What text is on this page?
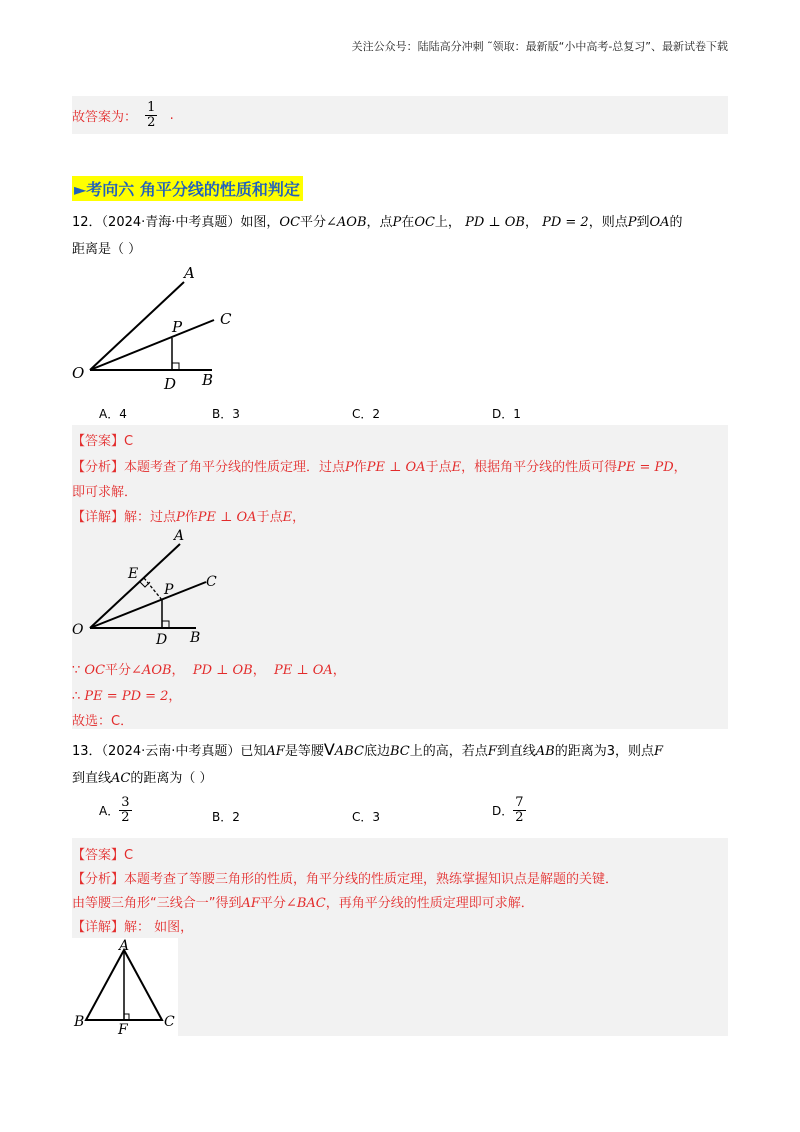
关注公众号：陆陆高分冲刺 ˜领取：最新版“小中高考-总复习”、最新试卷下载
故答案为： $\frac{1}{2}$ .
►考向六 角平分线的性质和判定
12．（2024·青海·中考真题）如图，OC平分∠AOB，点P在OC上， PD ⊥ OB， PD = 2，则点P到OA的
距离是（ ）
A
C
P
O
D B
A．4	B．3	C．2	D．1
【答案】C
【分析】本题考查了角平分线的性质定理．过点P作PE ⊥ OA于点E，根据角平分线的性质可得PE = PD，
即可求解．
【详解】解：过点P作PE ⊥ OA于点E，
A
C
P
E
O
D B
∵ OC平分∠AOB， PD ⊥ OB， PE ⊥ OA，
∴ PE = PD = 2，
故选：C．
13．（2024·云南·中考真题）已知AF是等腰VABC底边BC上的高，若点F到直线AB的距离为3，则点F
到直线AC的距离为（ ）
A． $\frac{3}{2}$	B．2	C．3	D． $\frac{7}{2}$
【答案】C
【分析】本题考查了等腰三角形的性质，角平分线的性质定理，熟练掌握知识点是解题的关键．
由等腰三角形“三线合一”得到AF平分∠BAC，再角平分线的性质定理即可求解．
【详解】解： 如图，
A
B	C
F
